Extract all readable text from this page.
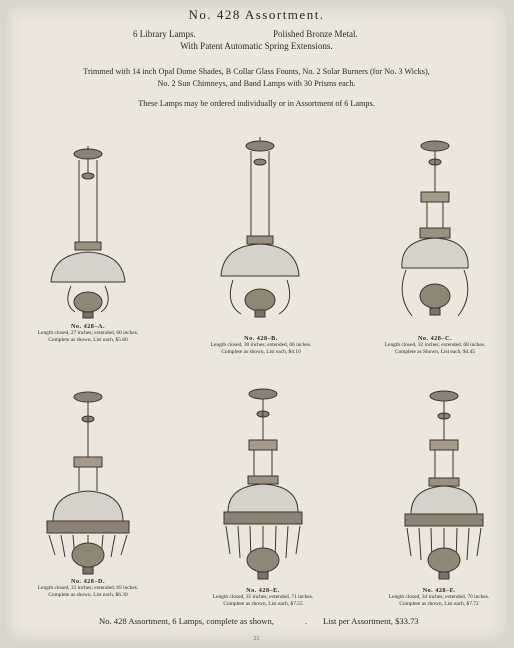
No. 428 Assortment.
6 Library Lamps.	Polished Bronze Metal.
With Patent Automatic Spring Extensions.
Trimmed with 14 inch Opal Dome Shades, B Collar Glass Founts, No. 2 Solar Burners (for No. 3 Wicks),
No. 2 Sun Chimneys, and Band Lamps with 30 Prisms each.
These Lamps may be ordered individually or in Assortment of 6 Lamps.
No. 428–A.
Length closed, 27 inches; extended, 60 inches.
Complete as shown, List each, $5.80	No. 428–B.
Length closed, 30 inches; extended, 66 inches.
Complete as shown, List each, $4.10
No. 428–C.
Length closed, 32 inches; extended, 68 inches.
Complete as Shown, List each, $4.45
No. 428–D.
Length closed, 33 inches; extended, 69 inches.
Complete as shown, List each, $6.30
No. 428–E.
Length closed, 35 inches; extended, 71 inches.
Complete as shown, List each, $7.55
No. 428–F.
Length closed, 34 inches; extended, 70 inches.
Complete as shown, List each, $7.72
No. 428 Assortment, 6 Lamps, complete as shown,	. List per Assortment, $33.73
21
